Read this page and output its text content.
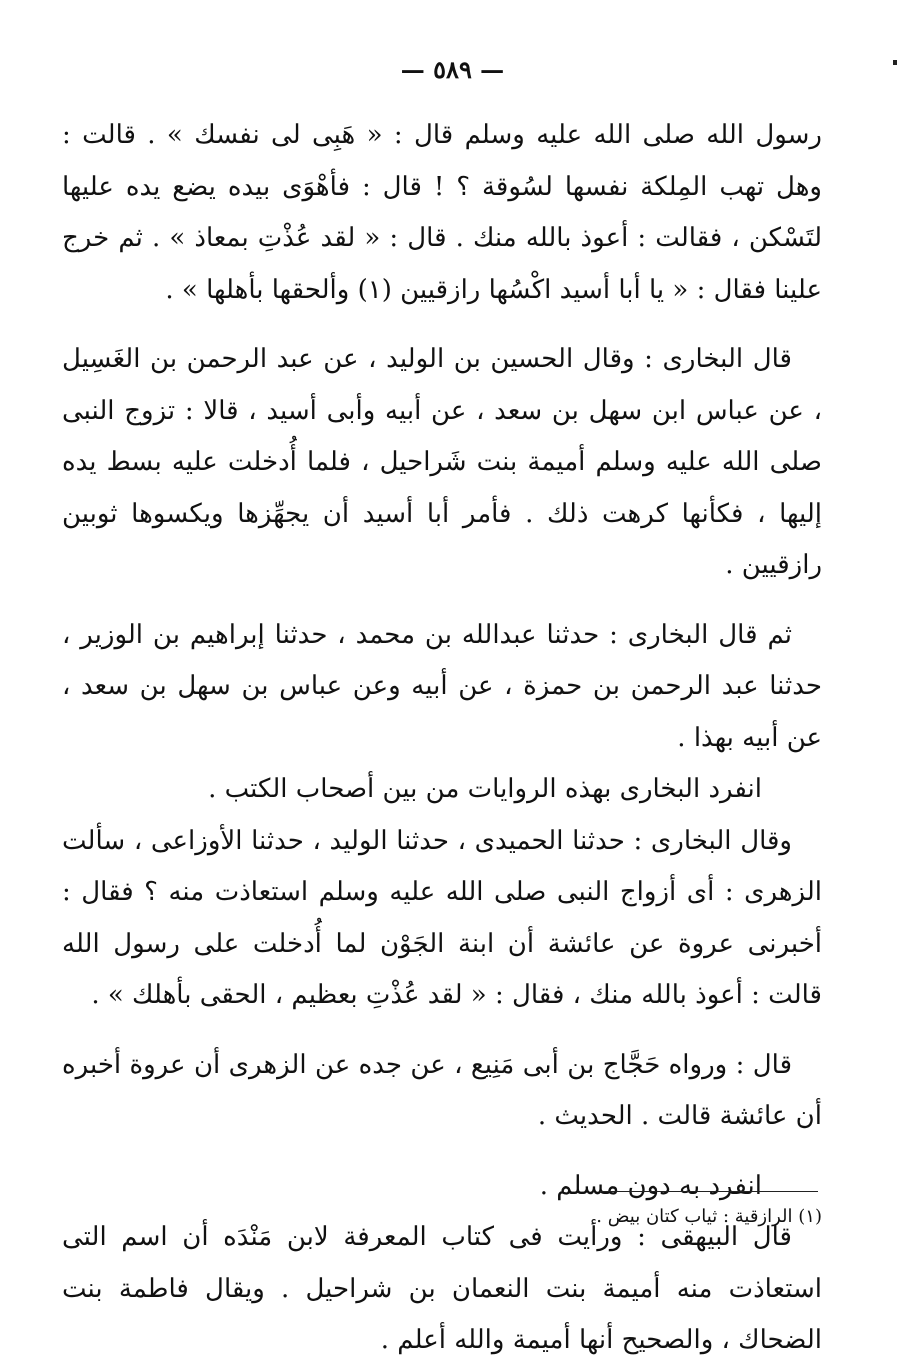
— ٥٨٩ —

رسول الله صلى الله عليه وسلم قال : « هَبِى لى نفسك » . قالت : وهل تهب المِلكة نفسها لسُوقة ؟ ! قال : فأهْوَى بيده يضع يده عليها لتَسْكن ، فقالت : أعوذ بالله منك . قال : « لقد عُذْتِ بمعاذ » . ثم خرج علينا فقال : « يا أبا أسيد اكْسُها رازقيين (١) وألحقها بأهلها » .

قال البخارى : وقال الحسين بن الوليد ، عن عبد الرحمن بن الغَسِيل ، عن عباس ابن سهل بن سعد ، عن أبيه وأبى أسيد ، قالا : تزوج النبى صلى الله عليه وسلم أميمة بنت شَراحيل ، فلما أُدخلت عليه بسط يده إليها ، فكأنها كرهت ذلك . فأمر أبا أسيد أن يجهِّزها ويكسوها ثوبين رازقيين .

ثم قال البخارى : حدثنا عبدالله بن محمد ، حدثنا إبراهيم بن الوزير ، حدثنا عبد الرحمن بن حمزة ، عن أبيه وعن عباس بن سهل بن سعد ، عن أبيه بهذا .

انفرد البخارى بهذه الروايات من بين أصحاب الكتب .

وقال البخارى : حدثنا الحميدى ، حدثنا الوليد ، حدثنا الأوزاعى ، سألت الزهرى : أى أزواج النبى صلى الله عليه وسلم استعاذت منه ؟ فقال : أخبرنى عروة عن عائشة أن ابنة الجَوْن لما أُدخلت على رسول الله قالت : أعوذ بالله منك ، فقال : « لقد عُذْتِ بعظيم ، الحقى بأهلك » .

قال : ورواه حَجَّاج بن أبى مَنِيع ، عن جده عن الزهرى أن عروة أخبره أن عائشة قالت . الحديث .

انفرد به دون مسلم .

قال البيهقى : ورأيت فى كتاب المعرفة لابن مَنْدَه أن اسم التى استعاذت منه أميمة بنت النعمان بن شراحيل . ويقال فاطمة بنت الضحاك ، والصحيح أنها أميمة والله أعلم .

(١) الرازقية : ثياب كتان بيض .
